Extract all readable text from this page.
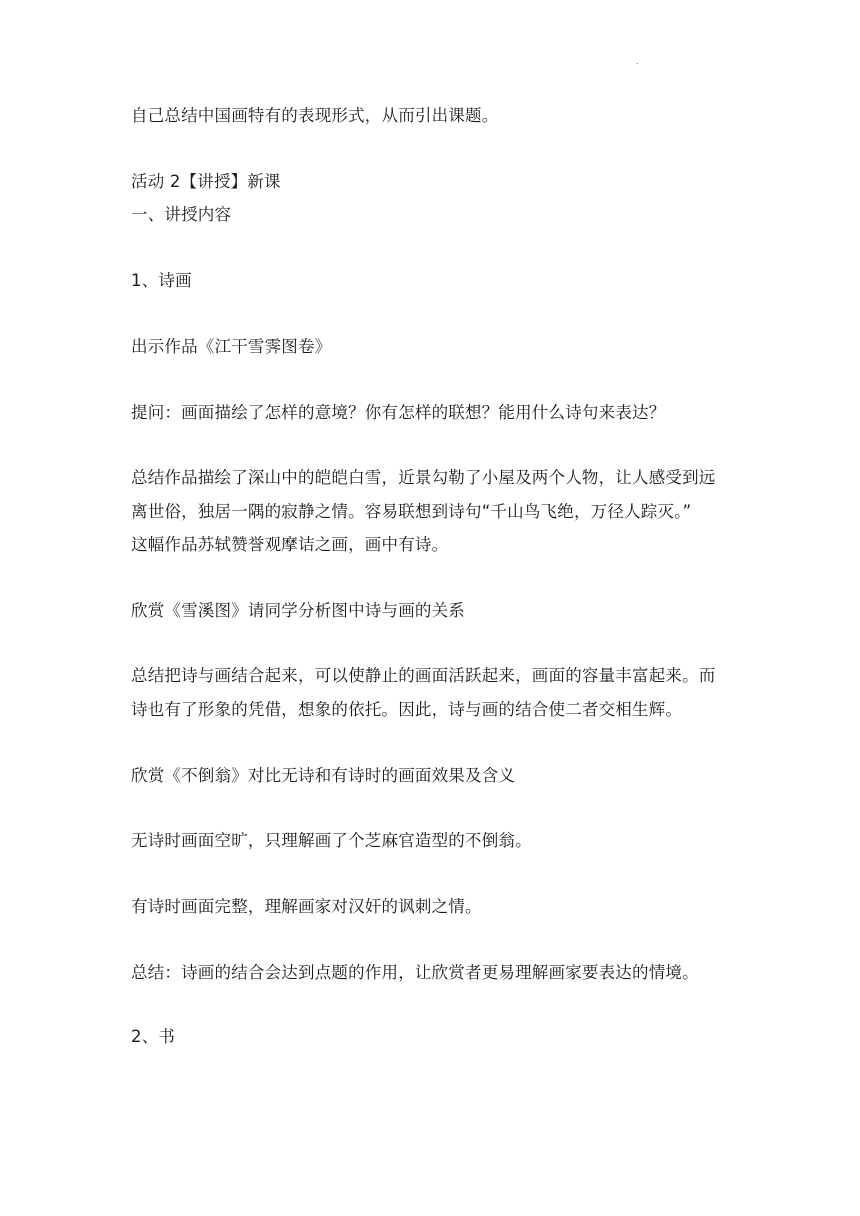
.

自己总结中国画特有的表现形式，从而引出课题。

活动 2【讲授】新课

一、讲授内容

1、诗画

出示作品《江干雪霁图卷》

提问：画面描绘了怎样的意境？你有怎样的联想？能用什么诗句来表达？

总结作品描绘了深山中的皑皑白雪，近景勾勒了小屋及两个人物，让人感受到远

离世俗，独居一隅的寂静之情。容易联想到诗句“千山鸟飞绝，万径人踪灭。”

这幅作品苏轼赞誉观摩诘之画，画中有诗。

欣赏《雪溪图》请同学分析图中诗与画的关系

总结把诗与画结合起来，可以使静止的画面活跃起来，画面的容量丰富起来。而

诗也有了形象的凭借，想象的依托。因此，诗与画的结合使二者交相生辉。

欣赏《不倒翁》对比无诗和有诗时的画面效果及含义

无诗时画面空旷，只理解画了个芝麻官造型的不倒翁。

有诗时画面完整，理解画家对汉奸的讽刺之情。

总结：诗画的结合会达到点题的作用，让欣赏者更易理解画家要表达的情境。

2、书
